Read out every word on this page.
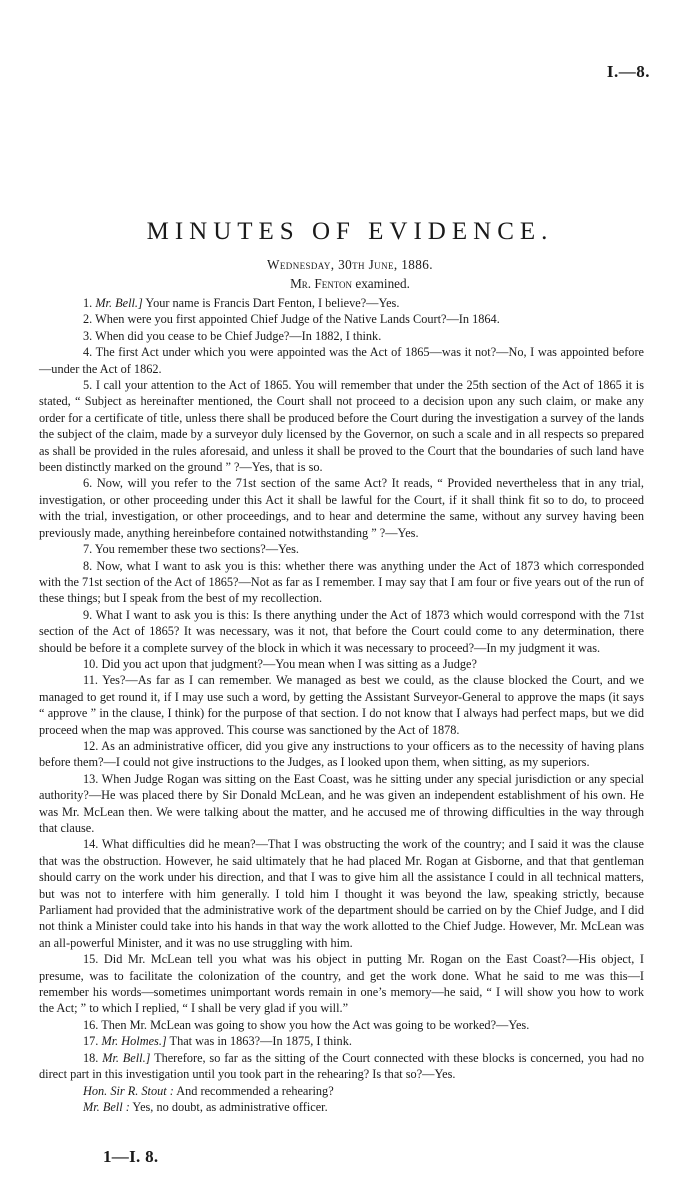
I.—8.
MINUTES OF EVIDENCE.
Wednesday, 30th June, 1886.
Mr. Fenton examined.

1. Mr. Bell.] Your name is Francis Dart Fenton, I believe?—Yes.

2. When were you first appointed Chief Judge of the Native Lands Court?—In 1864.

3. When did you cease to be Chief Judge?—In 1882, I think.

4. The first Act under which you were appointed was the Act of 1865—was it not?—No, I was appointed before—under the Act of 1862.

5. I call your attention to the Act of 1865. You will remember that under the 25th section of the Act of 1865 it is stated, “ Subject as hereinafter mentioned, the Court shall not proceed to a decision upon any such claim, or make any order for a certificate of title, unless there shall be produced before the Court during the investigation a survey of the lands the subject of the claim, made by a surveyor duly licensed by the Governor, on such a scale and in all respects so prepared as shall be provided in the rules aforesaid, and unless it shall be proved to the Court that the boundaries of such land have been distinctly marked on the ground ” ?—Yes, that is so.

6. Now, will you refer to the 71st section of the same Act? It reads, “ Provided nevertheless that in any trial, investigation, or other proceeding under this Act it shall be lawful for the Court, if it shall think fit so to do, to proceed with the trial, investigation, or other proceedings, and to hear and determine the same, without any survey having been previously made, anything hereinbefore contained notwithstanding ” ?—Yes.

7. You remember these two sections?—Yes.

8. Now, what I want to ask you is this: whether there was anything under the Act of 1873 which corresponded with the 71st section of the Act of 1865?—Not as far as I remember. I may say that I am four or five years out of the run of these things; but I speak from the best of my recollection.

9. What I want to ask you is this: Is there anything under the Act of 1873 which would correspond with the 71st section of the Act of 1865? It was necessary, was it not, that before the Court could come to any determination, there should be before it a complete survey of the block in which it was necessary to proceed?—In my judgment it was.

10. Did you act upon that judgment?—You mean when I was sitting as a Judge?

11. Yes?—As far as I can remember. We managed as best we could, as the clause blocked the Court, and we managed to get round it, if I may use such a word, by getting the Assistant Surveyor-General to approve the maps (it says “ approve ” in the clause, I think) for the purpose of that section. I do not know that I always had perfect maps, but we did proceed when the map was approved. This course was sanctioned by the Act of 1878.

12. As an administrative officer, did you give any instructions to your officers as to the necessity of having plans before them?—I could not give instructions to the Judges, as I looked upon them, when sitting, as my superiors.

13. When Judge Rogan was sitting on the East Coast, was he sitting under any special jurisdiction or any special authority?—He was placed there by Sir Donald McLean, and he was given an independent establishment of his own. He was Mr. McLean then. We were talking about the matter, and he accused me of throwing difficulties in the way through that clause.

14. What difficulties did he mean?—That I was obstructing the work of the country; and I said it was the clause that was the obstruction. However, he said ultimately that he had placed Mr. Rogan at Gisborne, and that that gentleman should carry on the work under his direction, and that I was to give him all the assistance I could in all technical matters, but was not to interfere with him generally. I told him I thought it was beyond the law, speaking strictly, because Parliament had provided that the administrative work of the department should be carried on by the Chief Judge, and I did not think a Minister could take into his hands in that way the work allotted to the Chief Judge. However, Mr. McLean was an all-powerful Minister, and it was no use struggling with him.

15. Did Mr. McLean tell you what was his object in putting Mr. Rogan on the East Coast?—His object, I presume, was to facilitate the colonization of the country, and get the work done. What he said to me was this—I remember his words—sometimes unimportant words remain in one’s memory—he said, “ I will show you how to work the Act; ” to which I replied, “ I shall be very glad if you will.”

16. Then Mr. McLean was going to show you how the Act was going to be worked?—Yes.

17. Mr. Holmes.] That was in 1863?—In 1875, I think.

18. Mr. Bell.] Therefore, so far as the sitting of the Court connected with these blocks is concerned, you had no direct part in this investigation until you took part in the rehearing? Is that so?—Yes.

Hon. Sir R. Stout : And recommended a rehearing?

Mr. Bell : Yes, no doubt, as administrative officer.

1—I. 8.
